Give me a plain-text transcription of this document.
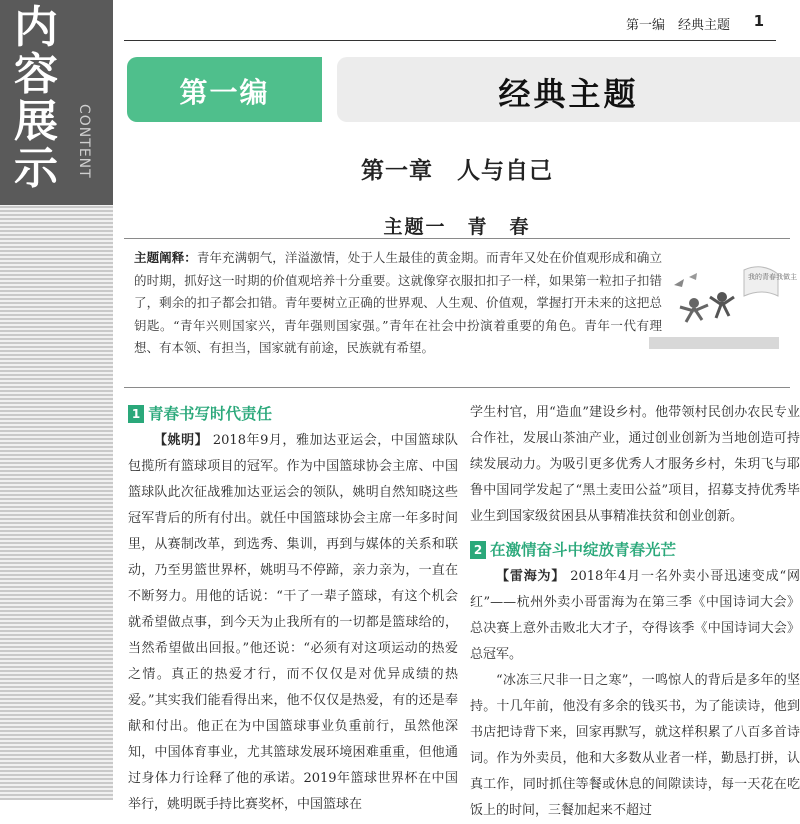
内
容
展
示	CONTENT
第一编　经典主题 1
第一编	经典主题
第一章　人与自己
主题一　青　春
主题阐释：青年充满朝气，洋溢激情，处于人生最佳的黄金期。而青年又处在价值观形成和确立的时期，抓好这一时期的价值观培养十分重要。这就像穿衣服扣扣子一样，如果第一粒扣子扣错了，剩余的扣子都会扣错。青年要树立正确的世界观、人生观、价值观，掌握打开未来的这把总钥匙。“青年兴则国家兴，青年强则国家强。”青年在社会中扮演着重要的角色。青年一代有理想、有本领、有担当，国家就有前途，民族就有希望。
我的青春我做主
1 青春书写时代责任

【姚明】 2018年9月，雅加达亚运会，中国篮球队包揽所有篮球项目的冠军。作为中国篮球协会主席、中国篮球队此次征战雅加达亚运会的领队，姚明自然知晓这些冠军背后的所有付出。就任中国篮球协会主席一年多时间里，从赛制改革，到选秀、集训，再到与媒体的关系和联动，乃至男篮世界杯，姚明马不停蹄，亲力亲为，一直在不断努力。用他的话说：“干了一辈子篮球，有这个机会就希望做点事，到今天为止我所有的一切都是篮球给的，当然希望做出回报。”他还说：“必须有对这项运动的热爱之情。真正的热爱才行，而不仅仅是对优异成绩的热爱。”其实我们能看得出来，他不仅仅是热爱，有的还是奉献和付出。他正在为中国篮球事业负重前行，虽然他深知，中国体育事业，尤其篮球发展环境困难重重，但他通过身体力行诠释了他的承诺。2019年篮球世界杯在中国举行，姚明既手持比赛奖杯，中国篮球在

学生村官，用“造血”建设乡村。他带领村民创办农民专业合作社，发展山茶油产业，通过创业创新为当地创造可持续发展动力。为吸引更多优秀人才服务乡村，朱玥飞与耶鲁中国同学发起了“黑土麦田公益”项目，招募支持优秀毕业生到国家级贫困县从事精准扶贫和创业创新。

2 在激情奋斗中绽放青春光芒

【雷海为】 2018年4月一名外卖小哥迅速变成“网红”——杭州外卖小哥雷海为在第三季《中国诗词大会》总决赛上意外击败北大才子，夺得该季《中国诗词大会》总冠军。

“冰冻三尺非一日之寒”，一鸣惊人的背后是多年的坚持。十几年前，他没有多余的钱买书，为了能读诗，他到书店把诗背下来，回家再默写，就这样积累了八百多首诗词。作为外卖员，他和大多数从业者一样，勤恳打拼，认真工作，同时抓住等餐或休息的间隙读诗，每一天花在吃饭上的时间，三餐加起来不超过
